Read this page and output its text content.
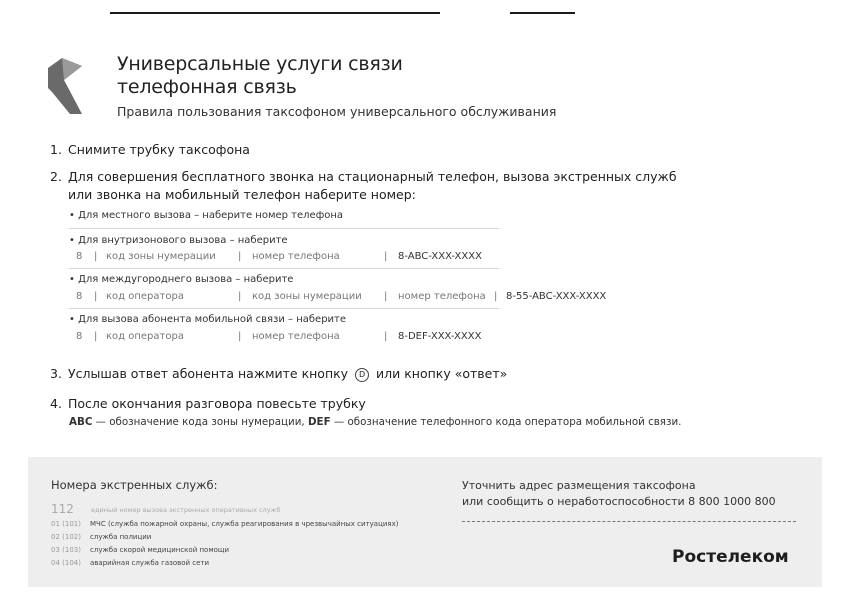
Универсальные услуги связи
телефонная связь
Правила пользования таксофоном универсального обслуживания
1. Снимите трубку таксофона
2. Для совершения бесплатного звонка на стационарный телефон, вызова экстренных служб
или звонка на мобильный телефон наберите номер:
• Для местного вызова – наберите номер телефона
• Для внутризонового вызова – наберите
8 | код зоны нумерации | номер телефона	| 8-ABC-XXX-XXXX
• Для междугороднего вызова – наберите
8 | код оператора	| код зоны нумерации | номер телефона | 8-55-ABC-XXX-XXXX
• Для вызова абонента мобильной связи – наберите
8 | код оператора	| номер телефона	| 8-DEF-XXX-XXXX
3. Услышав ответ абонента нажмите кнопку D или кнопку «ответ»
4. После окончания разговора повесьте трубку
ABC — обозначение кода зоны нумерации, DEF — обозначение телефонного кода оператора мобильной связи.
Номера экстренных служб:
112	единый номер вызова экстренных оперативных служб
01 (101) МЧС (служба пожарной охраны, служба реагирования в чрезвычайных ситуациях)
02 (102) служба полиции
03 (103) служба скорой медицинской помощи
04 (104) аварийная служба газовой сети
Уточнить адрес размещения таксофона
или сообщить о неработоспособности 8 800 1000 800
Ростелеком
